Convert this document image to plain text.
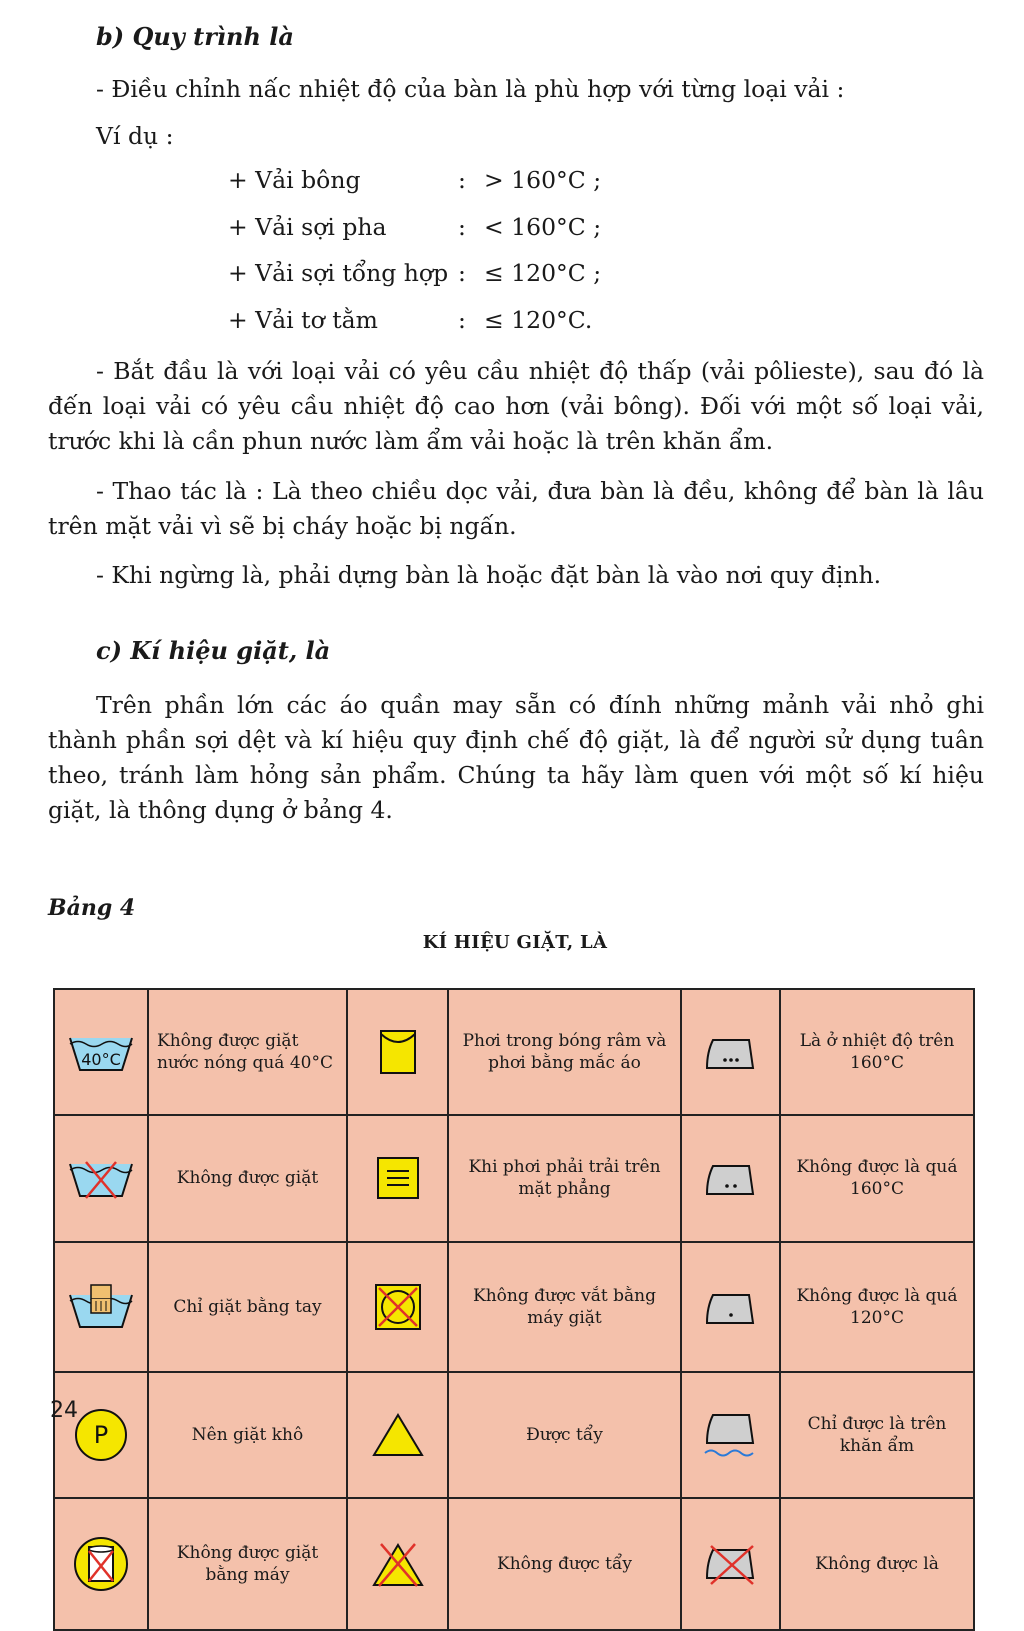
b) Quy trình là
- Điều chỉnh nấc nhiệt độ của bàn là phù hợp với từng loại vải :
Ví dụ :
+ Vải bông	: > 160°C ;
+ Vải sợi pha	: < 160°C ;
+ Vải sợi tổng hợp : ≤ 120°C ;
+ Vải tơ tằm	: ≤ 120°C.

- Bắt đầu là với loại vải có yêu cầu nhiệt độ thấp (vải pôlieste), sau đó là đến loại vải có yêu cầu nhiệt độ cao hơn (vải bông). Đối với một số loại vải, trước khi là cần phun nước làm ẩm vải hoặc là trên khăn ẩm.

- Thao tác là : Là theo chiều dọc vải, đưa bàn là đều, không để bàn là lâu trên mặt vải vì sẽ bị cháy hoặc bị ngấn.

- Khi ngừng là, phải dựng bàn là hoặc đặt bàn là vào nơi quy định.

c) Kí hiệu giặt, là

Trên phần lớn các áo quần may sẵn có đính những mảnh vải nhỏ ghi thành phần sợi dệt và kí hiệu quy định chế độ giặt, là để người sử dụng tuân theo, tránh làm hỏng sản phẩm. Chúng ta hãy làm quen với một số kí hiệu giặt, là thông dụng ở bảng 4.

Bảng 4
KÍ HIỆU GIẶT, LÀ
40°C	Không được giặt nước nóng quá 40°C		Phơi trong bóng râm và phơi bằng mắc áo		Là ở nhiệt độ trên 160°C

	Không được giặt		Khi phơi phải trải trên mặt phẳng		Không được là quá 160°C

	Chỉ giặt bằng tay		Không được vắt bằng máy giặt		Không được là quá 120°C

P	Nên giặt khô		Được tẩy		Chỉ được là trên khăn ẩm

	Không được giặt bằng máy		Không được tẩy		Không được là
24
